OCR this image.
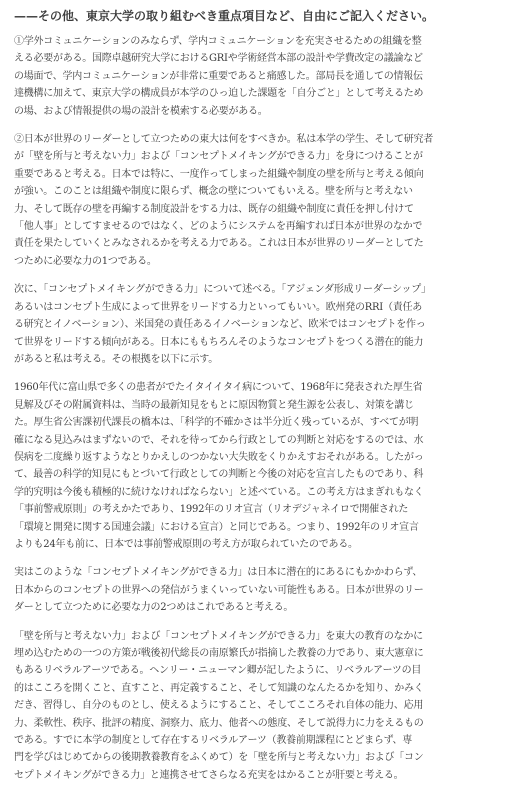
——その他、東京大学の取り組むべき重点項目など、自由にご記入ください。
①学外コミュニケーションのみならず、学内コミュニケーションを充実させるための組織を整
える必要がある。国際卓越研究大学におけるGRIや学術経営本部の設計や学費改定の議論など
の場面で、学内コミュニケーションが非常に重要であると痛感した。部局長を通しての情報伝
達機構に加えて、東京大学の構成員が本学のひっ迫した課題を「自分ごと」として考えるため
の場、および情報提供の場の設計を模索する必要がある。
②日本が世界のリーダーとして立つための東大は何をすべきか。私は本学の学生、そして研究者
が「壁を所与と考えない力」および「コンセプトメイキングができる力」を身につけることが
重要であると考える。日本では特に、一度作ってしまった組織や制度の壁を所与と考える傾向
が強い。このことは組織や制度に限らず、概念の壁についてもいえる。壁を所与と考えない
力、そして既存の壁を再編する制度設計をする力は、既存の組織や制度に責任を押し付けて
「他人事」としてすませるのではなく、どのようにシステムを再編すれば日本が世界のなかで
責任を果たしていくとみなされるかを考える力である。これは日本が世界のリーダーとしてた
つために必要な力の1つである。
次に、「コンセプトメイキングができる力」について述べる。「アジェンダ形成リーダーシップ」
あるいはコンセプト生成によって世界をリードする力といってもいい。欧州発のRRI（責任あ
る研究とイノベーション）、米国発の責任あるイノベーションなど、欧米ではコンセプトを作っ
て世界をリードする傾向がある。日本にももちろんそのようなコンセプトをつくる潜在的能力
があると私は考える。その根拠を以下に示す。
1960年代に富山県で多くの患者がでたイタイイタイ病について、1968年に発表された厚生省
見解及びその附属資料は、当時の最新知見をもとに原因物質と発生源を公表し、対策を講じ
た。厚生省公害課初代課長の橋本は、「科学的不確かさは半分近く残っているが、すべてが明
確になる見込みはまずないので、それを待ってから行政としての判断と対応をするのでは、水
俣病を二度繰り返すようなとりかえしのつかない大失敗をくりかえすおそれがある。したがっ
て、最善の科学的知見にもとづいて行政としての判断と今後の対応を宣言したものであり、科
学的究明は今後も積極的に続けなければならない」と述べている。この考え方はまぎれもなく
「事前警戒原則」の考えかたであり、1992年のリオ宣言（リオデジャネイロで開催された
「環境と開発に関する国連会議」における宣言）と同じである。つまり、1992年のリオ宣言
よりも24年も前に、日本では事前警戒原則の考え方が取られていたのである。
実はこのような「コンセプトメイキングができる力」は日本に潜在的にあるにもかかわらず、
日本からのコンセプトの世界への発信がうまくいっていない可能性もある。日本が世界のリー
ダーとして立つために必要な力の2つめはこれであると考える。
「壁を所与と考えない力」および「コンセプトメイキングができる力」を東大の教育のなかに
埋め込むための一つの方策が戦後初代総長の南原繁氏が指摘した教養の力であり、東大憲章に
もあるリベラルアーツである。ヘンリー・ニューマン卿が記したように、リベラルアーツの目
的はこころを開くこと、直すこと、再定義すること、そして知識のなんたるかを知り、かみく
だき、習得し、自分のものとし、使えるようにすること、そしてこころそれ自体の能力、応用
力、柔軟性、秩序、批評の精度、洞察力、底力、他者への態度、そして説得力に力をえるもの
である。すでに本学の制度として存在するリベラルアーツ（教養前期課程にとどまらず、専
門を学びはじめてからの後期教養教育をふくめて）を「壁を所与と考えない力」および「コン
セプトメイキングができる力」と連携させてさらなる充実をはかることが肝要と考える。
